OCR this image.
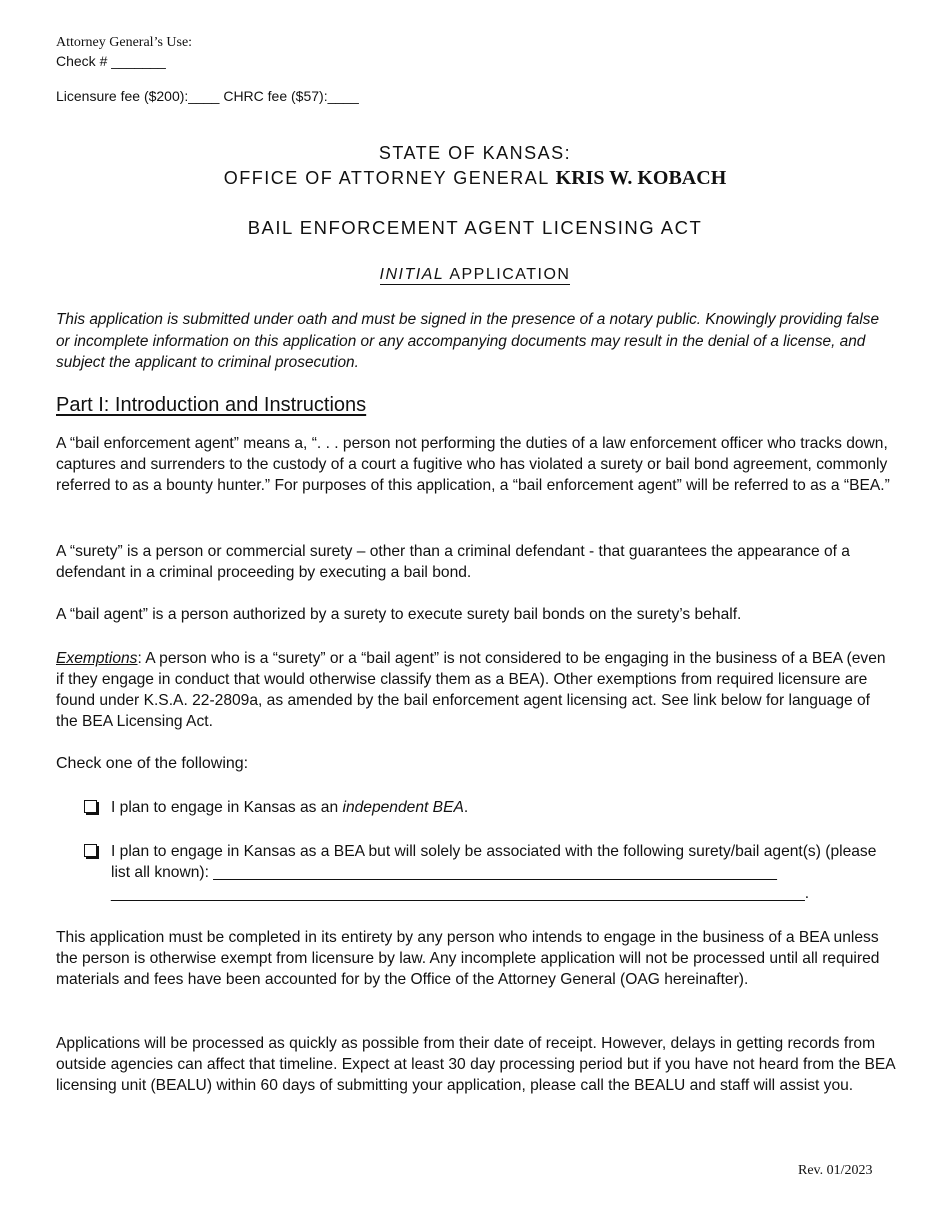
Attorney General’s Use:
Check # _______
Licensure fee ($200):____ CHRC fee ($57):____
STATE OF KANSAS:
OFFICE OF ATTORNEY GENERAL KRIS W. KOBACH
BAIL ENFORCEMENT AGENT LICENSING ACT
INITIAL APPLICATION
This application is submitted under oath and must be signed in the presence of a notary public. Knowingly providing false or incomplete information on this application or any accompanying documents may result in the denial of a license, and subject the applicant to criminal prosecution.
Part I: Introduction and Instructions
A “bail enforcement agent” means a, “. . . person not performing the duties of a law enforcement officer who tracks down, captures and surrenders to the custody of a court a fugitive who has violated a surety or bail bond agreement, commonly referred to as a bounty hunter.” For purposes of this application, a “bail enforcement agent” will be referred to as a “BEA.”
A “surety” is a person or commercial surety – other than a criminal defendant - that guarantees the appearance of a defendant in a criminal proceeding by executing a bail bond.
A “bail agent” is a person authorized by a surety to execute surety bail bonds on the surety’s behalf.
Exemptions: A person who is a “surety” or a “bail agent” is not considered to be engaging in the business of a BEA (even if they engage in conduct that would otherwise classify them as a BEA). Other exemptions from required licensure are found under K.S.A. 22-2809a, as amended by the bail enforcement agent licensing act. See link below for language of the BEA Licensing Act.
Check one of the following:
I plan to engage in Kansas as an independent BEA.
I plan to engage in Kansas as a BEA but will solely be associated with the following surety/bail agent(s) (please list all known): _________________________________________________________________ ________________________________________________________________________________.
This application must be completed in its entirety by any person who intends to engage in the business of a BEA unless the person is otherwise exempt from licensure by law. Any incomplete application will not be processed until all required materials and fees have been accounted for by the Office of the Attorney General (OAG hereinafter).
Applications will be processed as quickly as possible from their date of receipt. However, delays in getting records from outside agencies can affect that timeline. Expect at least 30 day processing period but if you have not heard from the BEA licensing unit (BEALU) within 60 days of submitting your application, please call the BEALU and staff will assist you.
Rev. 01/2023
